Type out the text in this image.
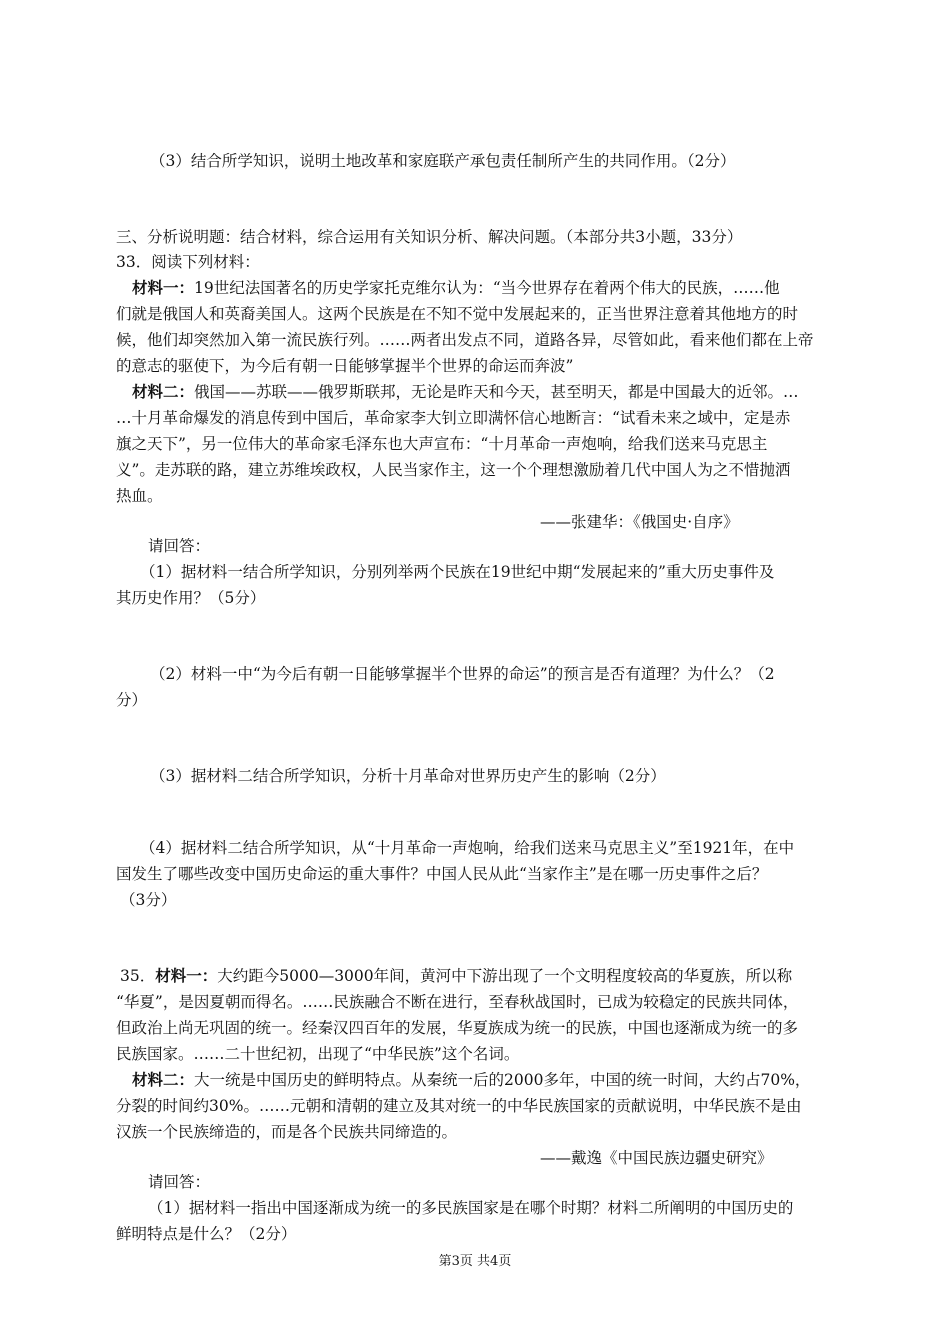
（3）结合所学知识，说明土地改革和家庭联产承包责任制所产生的共同作用。（2分）
三、分析说明题：结合材料，综合运用有关知识分析、解决问题。（本部分共3小题，33分）
33．阅读下列材料：
材料一：19世纪法国著名的历史学家托克维尔认为：“当今世界存在着两个伟大的民族，……他
们就是俄国人和英裔美国人。这两个民族是在不知不觉中发展起来的，正当世界注意着其他地方的时
候，他们却突然加入第一流民族行列。……两者出发点不同，道路各异，尽管如此，看来他们都在上帝
的意志的驱使下，为今后有朝一日能够掌握半个世界的命运而奔波”
材料二：俄国——苏联——俄罗斯联邦，无论是昨天和今天，甚至明天，都是中国最大的近邻。…
…十月革命爆发的消息传到中国后，革命家李大钊立即满怀信心地断言：“试看未来之域中，定是赤
旗之天下”，另一位伟大的革命家毛泽东也大声宣布：“十月革命一声炮响，给我们送来马克思主
义”。走苏联的路，建立苏维埃政权，人民当家作主，这一个个理想激励着几代中国人为之不惜抛洒
热血。
——张建华：《俄国史·自序》
请回答：
（1）据材料一结合所学知识，分别列举两个民族在19世纪中期“发展起来的”重大历史事件及
其历史作用？（5分）
（2）材料一中“为今后有朝一日能够掌握半个世界的命运”的预言是否有道理？为什么？（2
分）
（3）据材料二结合所学知识，分析十月革命对世界历史产生的影响（2分）
（4）据材料二结合所学知识，从“十月革命一声炮响，给我们送来马克思主义”至1921年，在中
国发生了哪些改变中国历史命运的重大事件？中国人民从此“当家作主”是在哪一历史事件之后？
（3分）
35．材料一：大约距今5000—3000年间，黄河中下游出现了一个文明程度较高的华夏族，所以称
“华夏”，是因夏朝而得名。……民族融合不断在进行，至春秋战国时，已成为较稳定的民族共同体，
但政治上尚无巩固的统一。经秦汉四百年的发展，华夏族成为统一的民族，中国也逐渐成为统一的多
民族国家。……二十世纪初，出现了“中华民族”这个名词。
材料二：大一统是中国历史的鲜明特点。从秦统一后的2000多年，中国的统一时间，大约占70%，
分裂的时间约30%。……元朝和清朝的建立及其对统一的中华民族国家的贡献说明，中华民族不是由
汉族一个民族缔造的，而是各个民族共同缔造的。
——戴逸《中国民族边疆史研究》
请回答：
（1）据材料一指出中国逐渐成为统一的多民族国家是在哪个时期？材料二所阐明的中国历史的
鲜明特点是什么？（2分）
第3页 共4页
